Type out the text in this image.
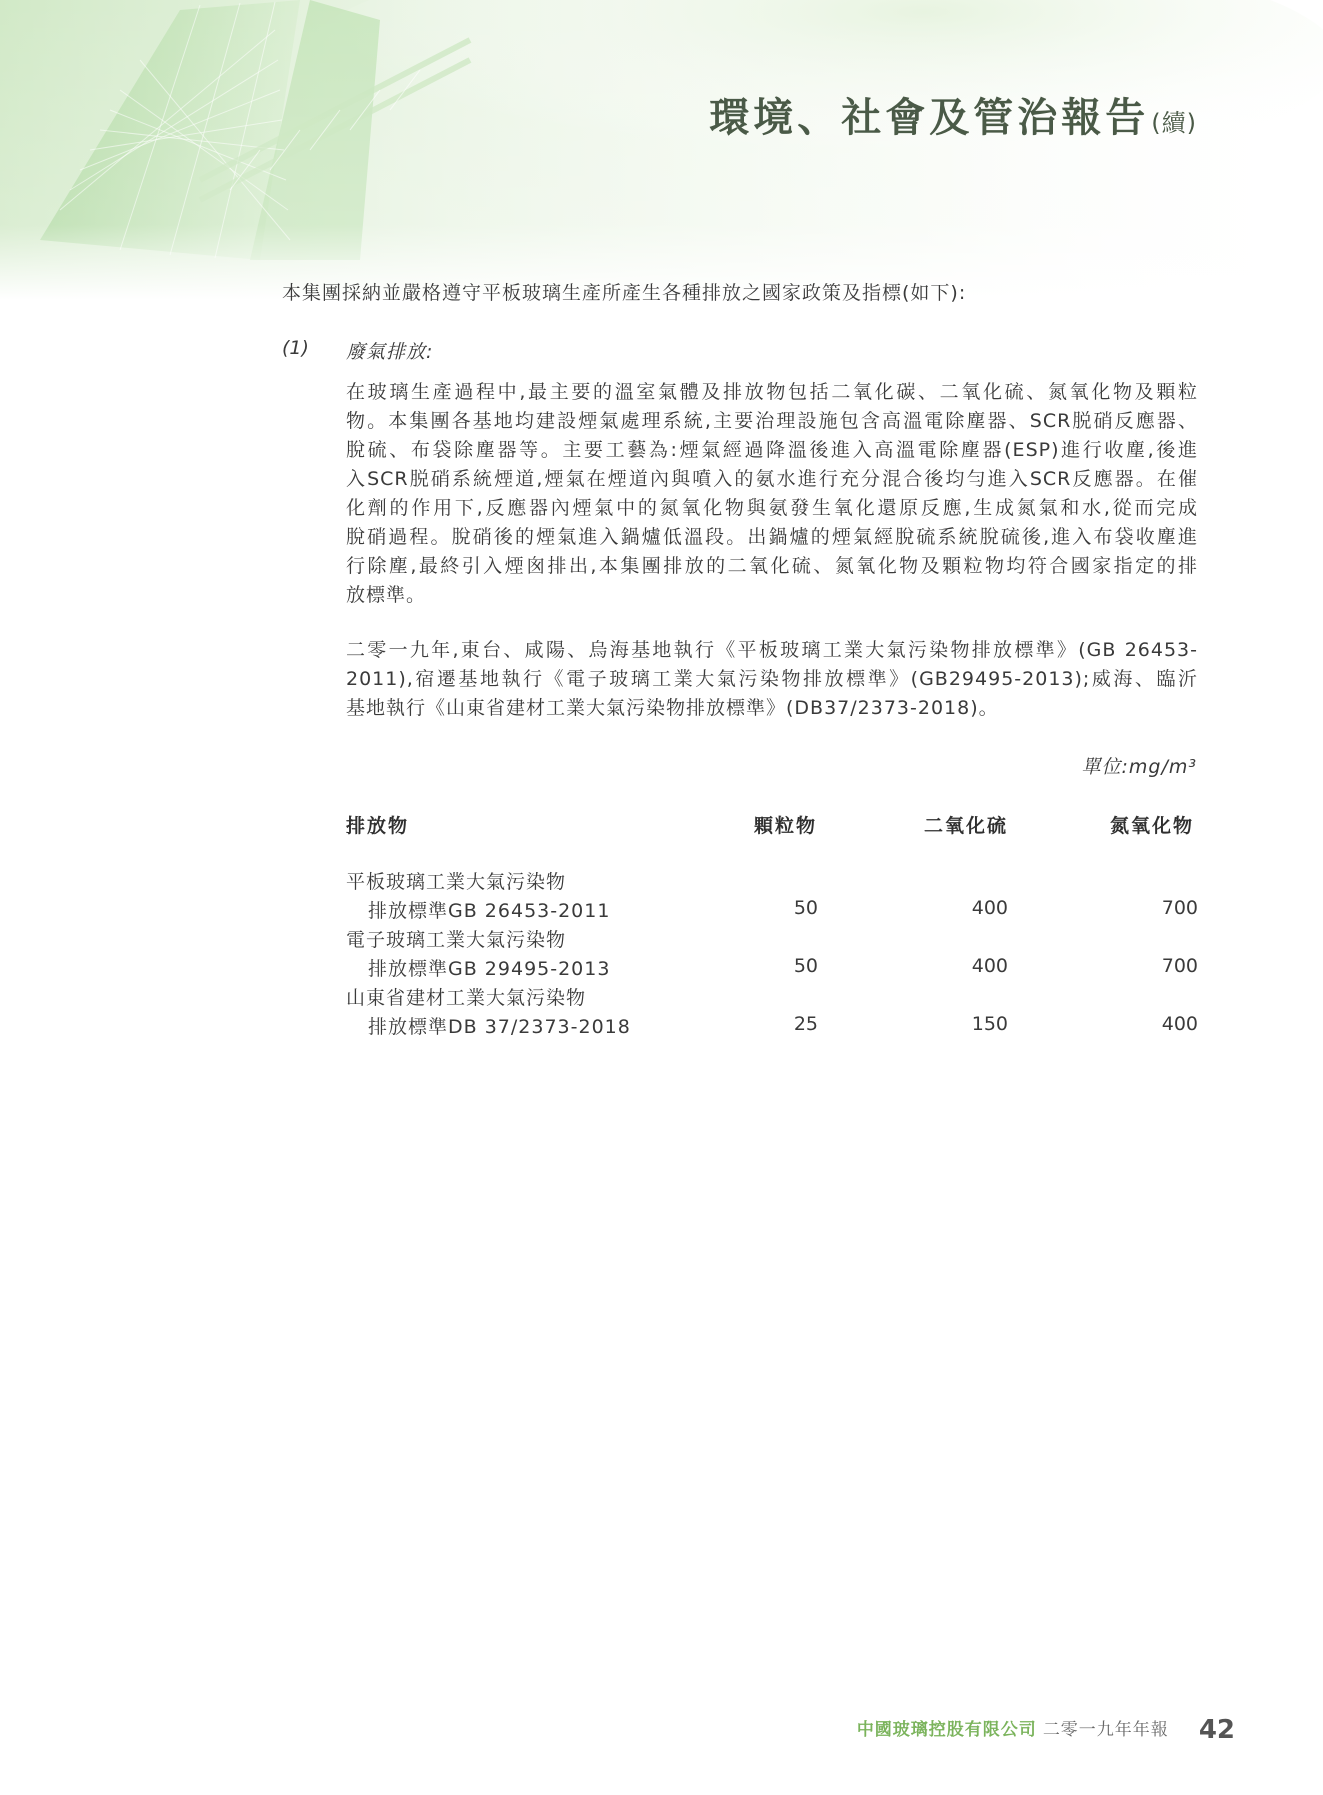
環境、社會及管治報告(續)
本集團採納並嚴格遵守平板玻璃生產所產生各種排放之國家政策及指標(如下):
(1) 廢氣排放:
在玻璃生產過程中,最主要的溫室氣體及排放物包括二氧化碳、二氧化硫、氮氧化物及顆粒
物。本集團各基地均建設煙氣處理系統,主要治理設施包含高溫電除塵器、SCR脱硝反應器、
脫硫、布袋除塵器等。主要工藝為:煙氣經過降溫後進入高溫電除塵器(ESP)進行收塵,後進
入SCR脱硝系統煙道,煙氣在煙道內與噴入的氨水進行充分混合後均勻進入SCR反應器。在催
化劑的作用下,反應器內煙氣中的氮氧化物與氨發生氧化還原反應,生成氮氣和水,從而完成
脫硝過程。脫硝後的煙氣進入鍋爐低溫段。出鍋爐的煙氣經脫硫系統脫硫後,進入布袋收塵進
行除塵,最終引入煙囪排出,本集團排放的二氧化硫、氮氧化物及顆粒物均符合國家指定的排
放標準。
二零一九年,東台、咸陽、烏海基地執行《平板玻璃工業大氣污染物排放標準》(GB 26453-
2011),宿遷基地執行《電子玻璃工業大氣污染物排放標準》(GB29495-2013);威海、臨沂
基地執行《山東省建材工業大氣污染物排放標準》(DB37/2373-2018)。
單位:mg/m³
排放物	顆粒物	二氧化硫	氮氧化物
平板玻璃工業大氣污染物
排放標準GB 26453-2011	50	400	700
電子玻璃工業大氣污染物
排放標準GB 29495-2013	50	400	700
山東省建材工業大氣污染物
排放標準DB 37/2373-2018	25	150	400
中國玻璃控股有限公司 二零一九年年報 42
